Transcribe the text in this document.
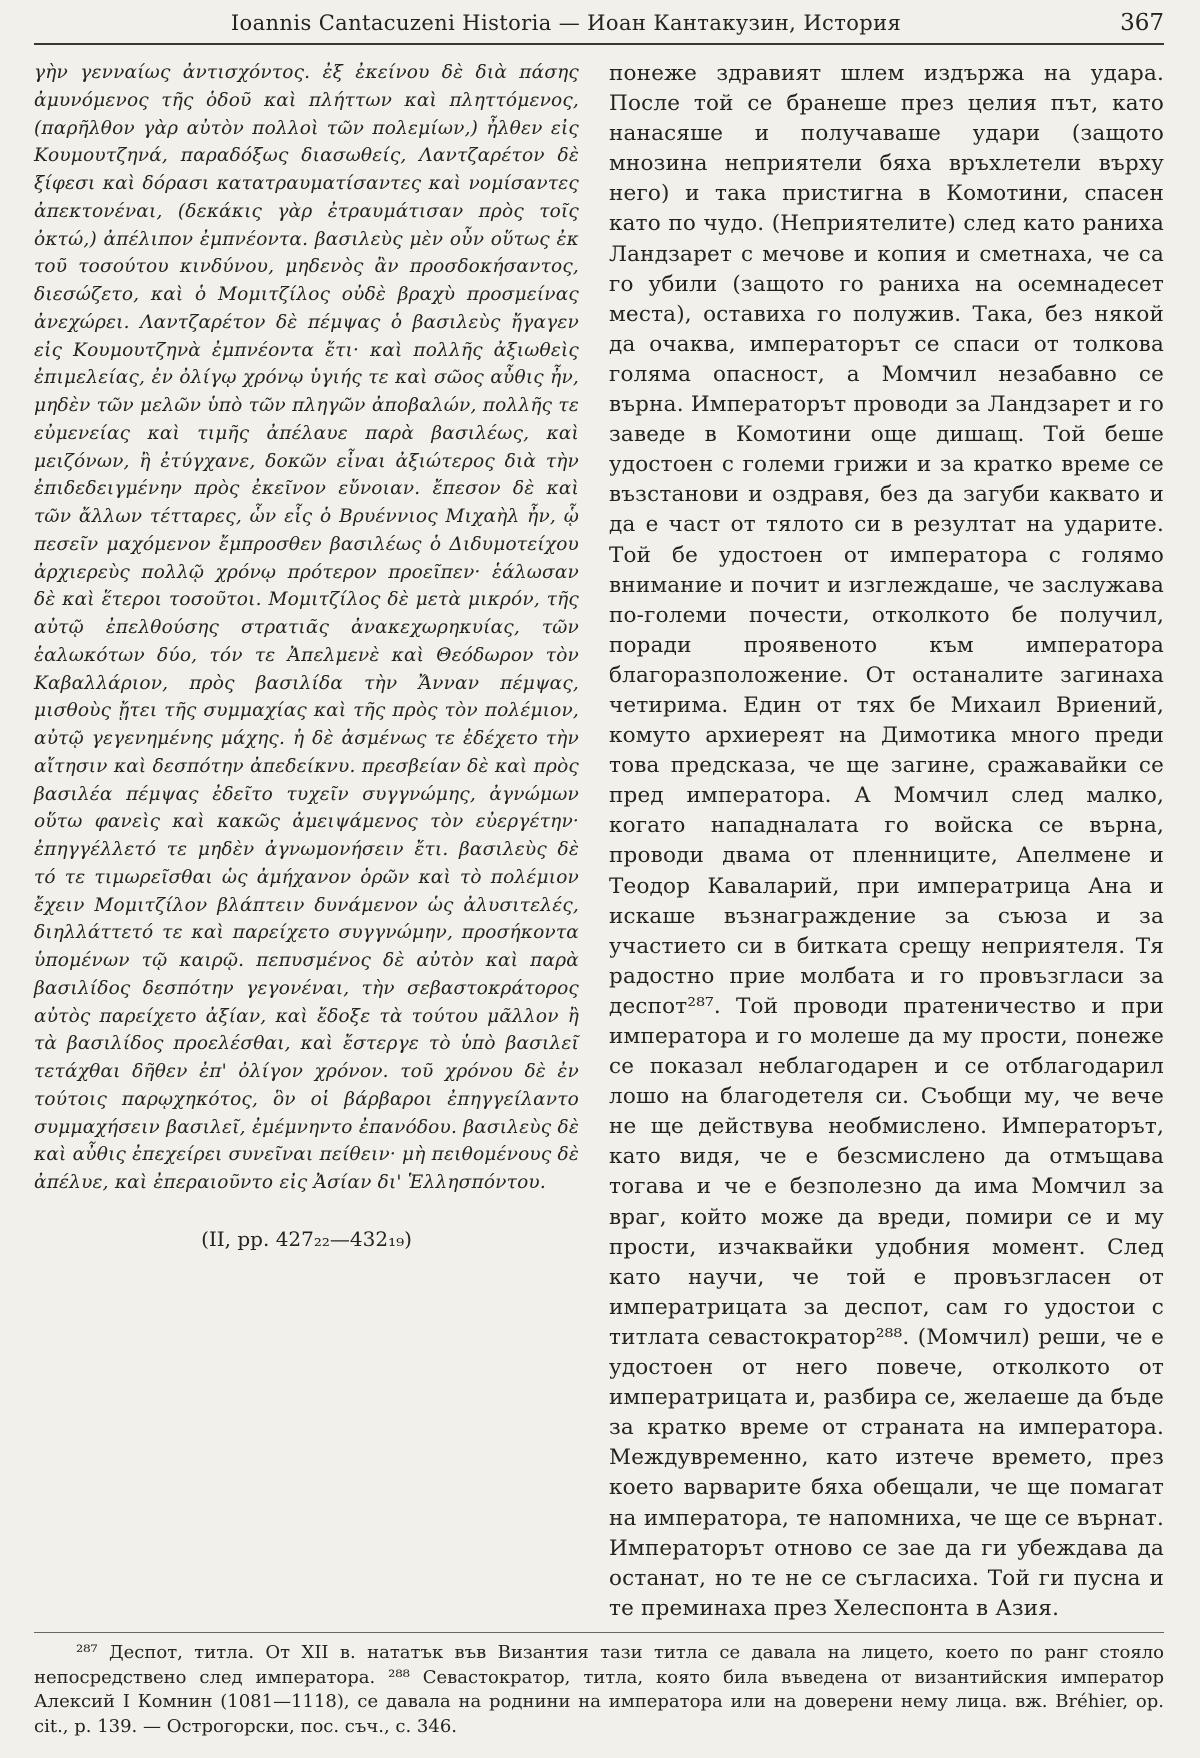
Ioannis Cantacuzeni Historia — Иоан Кантакузин, История	367

γὴν γενναίως ἀντισχόντος. ἐξ ἐκείνου δὲ διὰ πάσης ἀμυνόμενος τῆς ὁδοῦ καὶ πλήττων καὶ πληττόμενος, (παρῆλθον γὰρ αὐτὸν πολλοὶ τῶν πολεμίων,) ἦλθεν εἰς Κουμουτζηνά, παραδόξως διασωθείς, Λαντζαρέτον δὲ ξίφεσι καὶ δόρασι κατατραυματίσαντες καὶ νομίσαντες ἀπεκτονέναι, (δεκάκις γὰρ ἐτραυμάτισαν πρὸς τοῖς ὀκτώ,) ἀπέλιπον ἐμπνέοντα. βασιλεὺς μὲν οὖν οὕτως ἐκ τοῦ τοσούτου κινδύνου, μηδενὸς ἂν προσδοκήσαντος, διεσώζετο, καὶ ὁ Μομιτζίλος οὐδὲ βραχὺ προσμείνας ἀνεχώρει. Λαντζαρέτον δὲ πέμψας ὁ βασιλεὺς ἤγαγεν εἰς Κουμουτζηνὰ ἐμπνέοντα ἔτι· καὶ πολλῆς ἀξιωθεὶς ἐπιμελείας, ἐν ὀλίγῳ χρόνῳ ὑγιής τε καὶ σῶος αὖθις ἦν, μηδὲν τῶν μελῶν ὑπὸ τῶν πληγῶν ἀποβαλών, πολλῆς τε εὐμενείας καὶ τιμῆς ἀπέλαυε παρὰ βασιλέως, καὶ μειζόνων, ἢ ἐτύγχανε, δοκῶν εἶναι ἀξιώτερος διὰ τὴν ἐπιδεδειγμένην πρὸς ἐκεῖνον εὔνοιαν. ἔπεσον δὲ καὶ τῶν ἄλλων τέτταρες, ὧν εἷς ὁ Βρυέννιος Μιχαὴλ ἦν, ᾧ πεσεῖν μαχόμενον ἔμπροσθεν βασιλέως ὁ Διδυμοτείχου ἀρχιερεὺς πολλῷ χρόνῳ πρότερον προεῖπεν· ἑάλωσαν δὲ καὶ ἕτεροι τοσοῦτοι. Μομιτζίλος δὲ μετὰ μικρόν, τῆς αὐτῷ ἐπελθούσης στρατιᾶς ἀνακεχωρηκυίας, τῶν ἑαλωκότων δύο, τόν τε Ἀπελμενὲ καὶ Θεόδωρον τὸν Καβαλλάριον, πρὸς βασιλίδα τὴν Ἄνναν πέμψας, μισθοὺς ᾔτει τῆς συμμαχίας καὶ τῆς πρὸς τὸν πολέμιον, αὐτῷ γεγενημένης μάχης. ἡ δὲ ἀσμένως τε ἐδέχετο τὴν αἴτησιν καὶ δεσπότην ἀπεδείκνυ. πρεσβείαν δὲ καὶ πρὸς βασιλέα πέμψας ἐδεῖτο τυχεῖν συγγνώμης, ἀγνώμων οὕτω φανεὶς καὶ κακῶς ἀμειψάμενος τὸν εὐεργέτην· ἐπηγγέλλετό τε μηδὲν ἀγνωμονήσειν ἔτι. βασιλεὺς δὲ τό τε τιμωρεῖσθαι ὡς ἀμήχανον ὁρῶν καὶ τὸ πολέμιον ἔχειν Μομιτζίλον βλάπτειν δυνάμενον ὡς ἀλυσιτελές, διηλλάττετό τε καὶ παρείχετο συγγνώμην, προσήκοντα ὑπομένων τῷ καιρῷ. πεπυσμένος δὲ αὐτὸν καὶ παρὰ βασιλίδος δεσπότην γεγονέναι, τὴν σεβαστοκράτορος αὐτὸς παρείχετο ἀξίαν, καὶ ἔδοξε τὰ τούτου μᾶλλον ἢ τὰ βασιλίδος προελέσθαι, καὶ ἔστεργε τὸ ὑπὸ βασιλεῖ τετάχθαι δῆθεν ἐπ' ὀλίγον χρόνον. τοῦ χρόνου δὲ ἐν τούτοις παρῳχηκότος, ὃν οἱ βάρβαροι ἐπηγγείλαντο συμμαχήσειν βασιλεῖ, ἐμέμνηντο ἐπανόδου. βασιλεὺς δὲ καὶ αὖθις ἐπεχείρει συνεῖναι πείθειν· μὴ πειθομένους δὲ ἀπέλυε, καὶ ἐπεραιοῦντο εἰς Ἀσίαν δι' Ἑλλησπόντου.

(II, pp. 427₂₂—432₁₉)

понеже здравият шлем издържа на удара. После той се бранеше през целия път, като нанасяше и получаваше удари (защото мнозина неприятели бяха връхлетели върху него) и така пристигна в Комотини, спасен като по чудо. (Неприятелите) след като раниха Ландзарет с мечове и копия и сметнаха, че са го убили (защото го раниха на осемнадесет места), оставиха го полужив. Така, без някой да очаква, императорът се спаси от толкова голяма опасност, а Момчил незабавно се върна. Императорът проводи за Ландзарет и го заведе в Комотини още дишащ. Той беше удостоен с големи грижи и за кратко време се възстанови и оздравя, без да загуби каквато и да е част от тялото си в резултат на ударите. Той бе удостоен от императора с голямо внимание и почит и изглеждаше, че заслужава по-големи почести, отколкото бе получил, поради проявеното към императора благоразположение. От останалите загинаха четирима. Един от тях бе Михаил Вриений, комуто архиереят на Димотика много преди това предсказа, че ще загине, сражавайки се пред императора. А Момчил след малко, когато нападналата го войска се върна, проводи двама от пленниците, Апелмене и Теодор Каваларий, при императрица Ана и искаше възнаграждение за съюза и за участието си в битката срещу неприятеля. Тя радостно прие молбата и го провъзгласи за деспот²⁸⁷. Той проводи пратеничество и при императора и го молеше да му прости, понеже се показал неблагодарен и се отблагодарил лошо на благодетеля си. Съобщи му, че вече не ще действува необмислено. Императорът, като видя, че е безсмислено да отмъщава тогава и че е безполезно да има Момчил за враг, който може да вреди, помири се и му прости, изчаквайки удобния момент. След като научи, че той е провъзгласен от императрицата за деспот, сам го удостои с титлата севастократор²⁸⁸. (Момчил) реши, че е удостоен от него повече, отколкото от императрицата и, разбира се, желаеше да бъде за кратко време от страната на императора. Междувременно, като изтече времето, през което варварите бяха обещали, че ще помагат на императора, те напомниха, че ще се върнат. Императорът отново се зае да ги убеждава да останат, но те не се съгласиха. Той ги пусна и те преминаха през Хелеспонта в Азия.

²⁸⁷ Деспот, титла. От XII в. нататък във Византия тази титла се давала на лицето, което по ранг стояло непосредствено след императора. ²⁸⁸ Севастократор, титла, която била въведена от византийския император Алексий I Комнин (1081—1118), се давала на роднини на императора или на доверени нему лица. вж. Bréhier, op. cit., p. 139. — Острогорски, пос. съч., с. 346.
